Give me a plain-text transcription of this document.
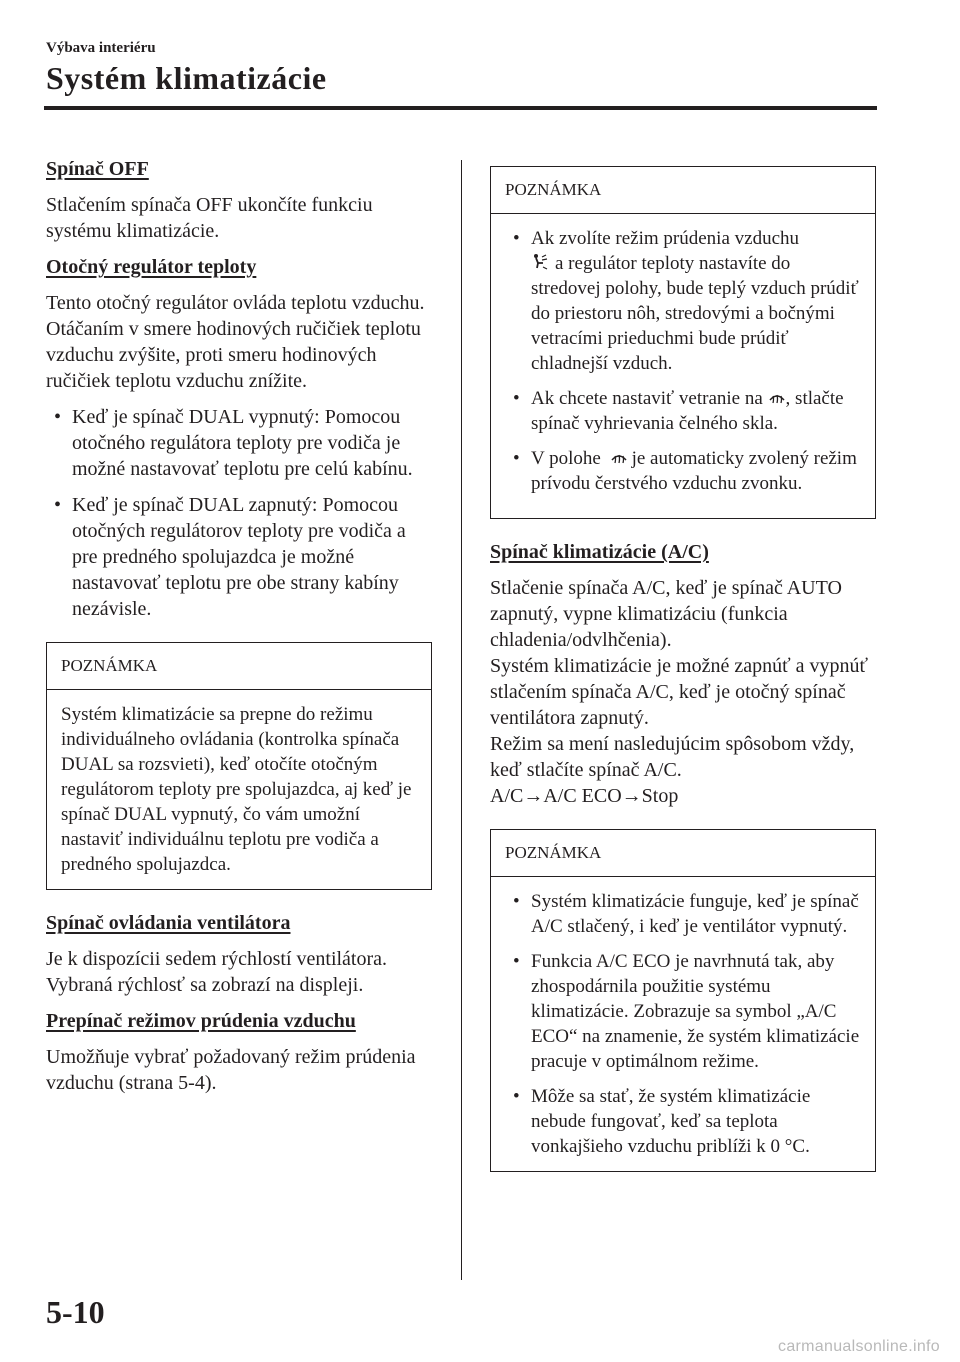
Výbava interiéru
Systém klimatizácie
Spínač OFF
Stlačením spínača OFF ukončíte funkciu systému klimatizácie.
Otočný regulátor teploty
Tento otočný regulátor ovláda teplotu vzduchu. Otáčaním v smere hodinových ručičiek teplotu vzduchu zvýšite, proti smeru hodinových ručičiek teplotu vzduchu znížite.
• Keď je spínač DUAL vypnutý: Pomocou otočného regulátora teploty pre vodiča je možné nastavovať teplotu pre celú kabínu.
• Keď je spínač DUAL zapnutý: Pomocou otočných regulátorov teploty pre vodiča a pre predného spolujazdca je možné nastavovať teplotu pre obe strany kabíny nezávisle.
POZNÁMKA
Systém klimatizácie sa prepne do režimu individuálneho ovládania (kontrolka spínača DUAL sa rozsvieti), keď otočíte otočným regulátorom teploty pre spolujazdca, aj keď je spínač DUAL vypnutý, čo vám umožní nastaviť individuálnu teplotu pre vodiča a predného spolujazdca.
Spínač ovládania ventilátora
Je k dispozícii sedem rýchlostí ventilátora. Vybraná rýchlosť sa zobrazí na displeji.
Prepínač režimov prúdenia vzduchu
Umožňuje vybrať požadovaný režim prúdenia vzduchu (strana 5-4).
POZNÁMKA
• Ak zvolíte režim prúdenia vzduchu
a regulátor teploty nastavíte do stredovej polohy, bude teplý vzduch prúdiť do priestoru nôh, stredovými a bočnými vetracími prieduchmi bude prúdiť chladnejší vzduch.
• Ak chcete nastaviť vetranie na , stlačte spínač vyhrievania čelného skla.
• V polohe je automaticky zvolený režim prívodu čerstvého vzduchu zvonku.
Spínač klimatizácie (A/C)
Stlačenie spínača A/C, keď je spínač AUTO zapnutý, vypne klimatizáciu (funkcia chladenia/odvlhčenia).
Systém klimatizácie je možné zapnúť a vypnúť stlačením spínača A/C, keď je otočný spínač ventilátora zapnutý.
Režim sa mení nasledujúcim spôsobom vždy, keď stlačíte spínač A/C.
A/C→A/C ECO→Stop
POZNÁMKA
• Systém klimatizácie funguje, keď je spínač A/C stlačený, i keď je ventilátor vypnutý.
• Funkcia A/C ECO je navrhnutá tak, aby zhospodárnila použitie systému klimatizácie. Zobrazuje sa symbol „A/C ECO“ na znamenie, že systém klimatizácie pracuje v optimálnom režime.
• Môže sa stať, že systém klimatizácie nebude fungovať, keď sa teplota vonkajšieho vzduchu priblíži k 0 °C.
5-10
carmanualsonline.info
